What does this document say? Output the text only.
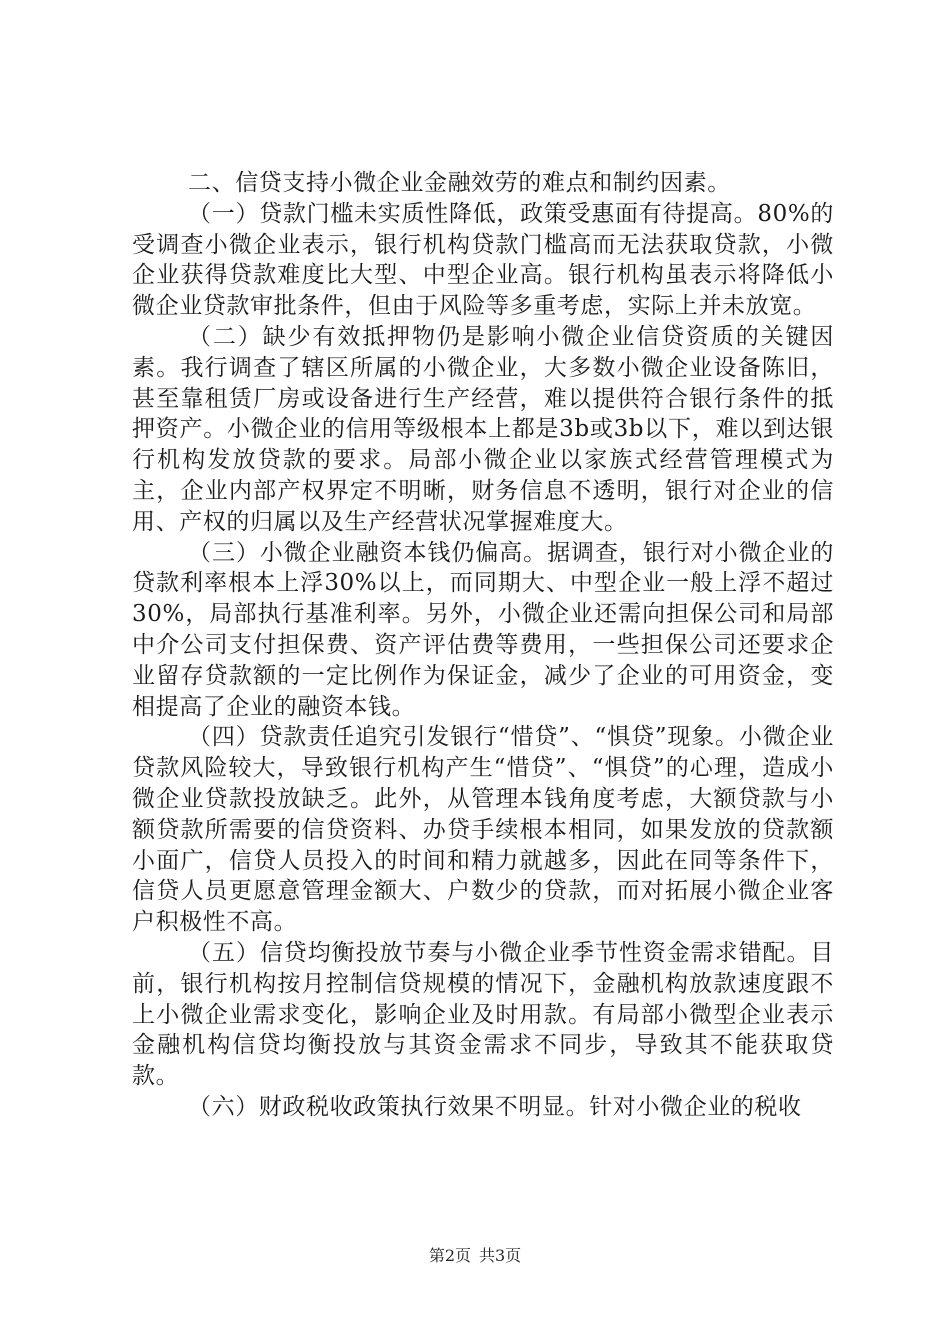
二、信贷支持小微企业金融效劳的难点和制约因素。

（一）贷款门槛未实质性降低，政策受惠面有待提高。80%的受调查小微企业表示，银行机构贷款门槛高而无法获取贷款，小微企业获得贷款难度比大型、中型企业高。银行机构虽表示将降低小微企业贷款审批条件，但由于风险等多重考虑，实际上并未放宽。

（二）缺少有效抵押物仍是影响小微企业信贷资质的关键因素。我行调查了辖区所属的小微企业，大多数小微企业设备陈旧，甚至靠租赁厂房或设备进行生产经营，难以提供符合银行条件的抵押资产。小微企业的信用等级根本上都是3b或3b以下，难以到达银行机构发放贷款的要求。局部小微企业以家族式经营管理模式为主，企业内部产权界定不明晰，财务信息不透明，银行对企业的信用、产权的归属以及生产经营状况掌握难度大。

（三）小微企业融资本钱仍偏高。据调查，银行对小微企业的贷款利率根本上浮30%以上，而同期大、中型企业一般上浮不超过30%，局部执行基准利率。另外，小微企业还需向担保公司和局部中介公司支付担保费、资产评估费等费用，一些担保公司还要求企业留存贷款额的一定比例作为保证金，减少了企业的可用资金，变相提高了企业的融资本钱。

（四）贷款责任追究引发银行“惜贷”、“惧贷”现象。小微企业贷款风险较大，导致银行机构产生“惜贷”、“惧贷”的心理，造成小微企业贷款投放缺乏。此外，从管理本钱角度考虑，大额贷款与小额贷款所需要的信贷资料、办贷手续根本相同，如果发放的贷款额小面广，信贷人员投入的时间和精力就越多，因此在同等条件下，信贷人员更愿意管理金额大、户数少的贷款，而对拓展小微企业客户积极性不高。

（五）信贷均衡投放节奏与小微企业季节性资金需求错配。目前，银行机构按月控制信贷规模的情况下，金融机构放款速度跟不上小微企业需求变化，影响企业及时用款。有局部小微型企业表示金融机构信贷均衡投放与其资金需求不同步，导致其不能获取贷款。

（六）财政税收政策执行效果不明显。针对小微企业的税收

第2页 共3页
